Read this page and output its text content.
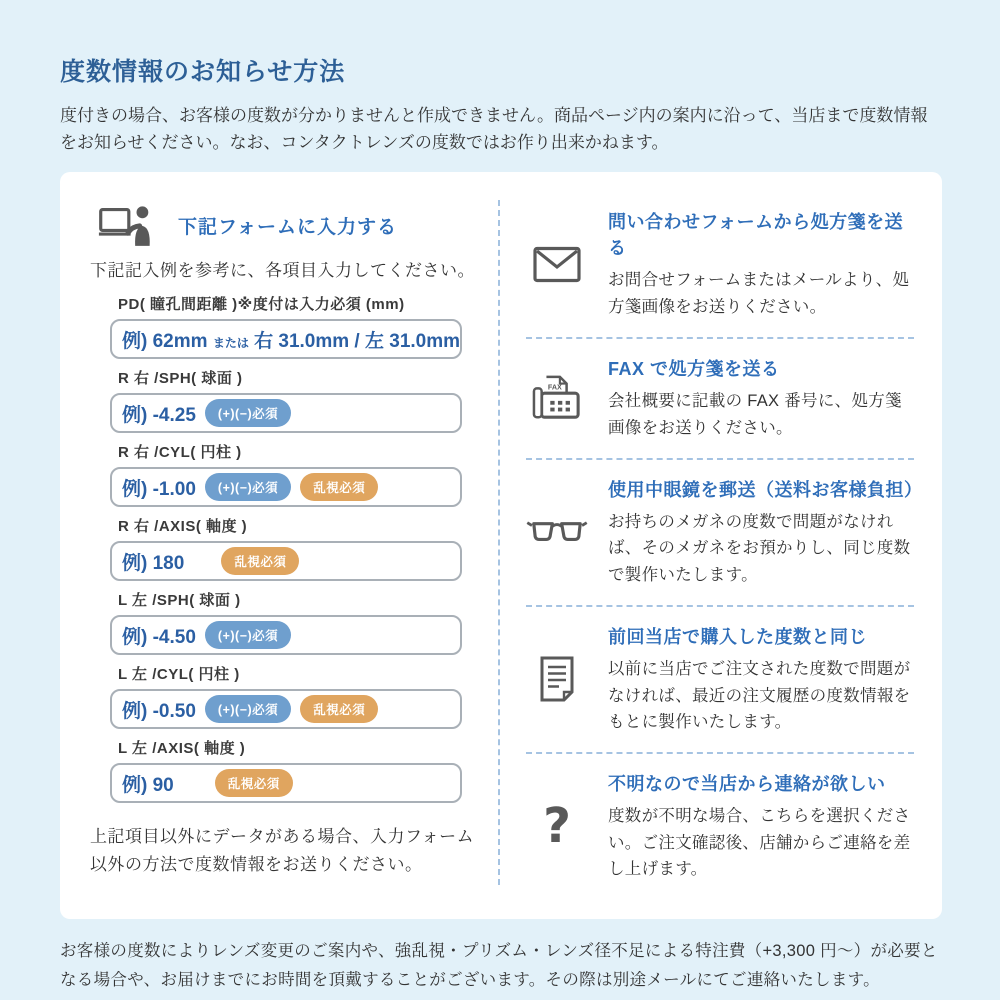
度数情報のお知らせ方法

度付きの場合、お客様の度数が分かりませんと作成できません。商品ページ内の案内に沿って、当店まで度数情報をお知らせください。なお、コンタクトレンズの度数ではお作り出来かねます。

下記フォームに入力する

下記記入例を参考に、各項目入力してください。

PD( 瞳孔間距離 )※度付は入力必須 (mm)
例) 62mm または 右 31.0mm / 左 31.0mm
R 右 /SPH( 球面 )
例) -4.25	(+)(−)必須
R 右 /CYL( 円柱 )
例) -1.00	(+)(−)必須	乱視必須
R 右 /AXIS( 軸度 )
例) 180	乱視必須
L 左 /SPH( 球面 )
例) -4.50	(+)(−)必須
L 左 /CYL( 円柱 )
例) -0.50	(+)(−)必須	乱視必須
L 左 /AXIS( 軸度 )
例) 90	乱視必須

上記項目以外にデータがある場合、入力フォーム以外の方法で度数情報をお送りください。

問い合わせフォームから処方箋を送る

お問合せフォームまたはメールより、処方箋画像をお送りください。

FAX
FAX で処方箋を送る

会社概要に記載の FAX 番号に、処方箋画像をお送りください。

使用中眼鏡を郵送（送料お客様負担）

お持ちのメガネの度数で問題がなければ、そのメガネをお預かりし、同じ度数で製作いたします。

前回当店で購入した度数と同じ

以前に当店でご注文された度数で問題がなければ、最近の注文履歴の度数情報をもとに製作いたします。

?
不明なので当店から連絡が欲しい

度数が不明な場合、こちらを選択ください。ご注文確認後、店舗からご連絡を差し上げます。

お客様の度数によりレンズ変更のご案内や、強乱視・プリズム・レンズ径不足による特注費（+3,300 円〜）が必要となる場合や、お届けまでにお時間を頂戴することがございます。その際は別途メールにてご連絡いたします。
